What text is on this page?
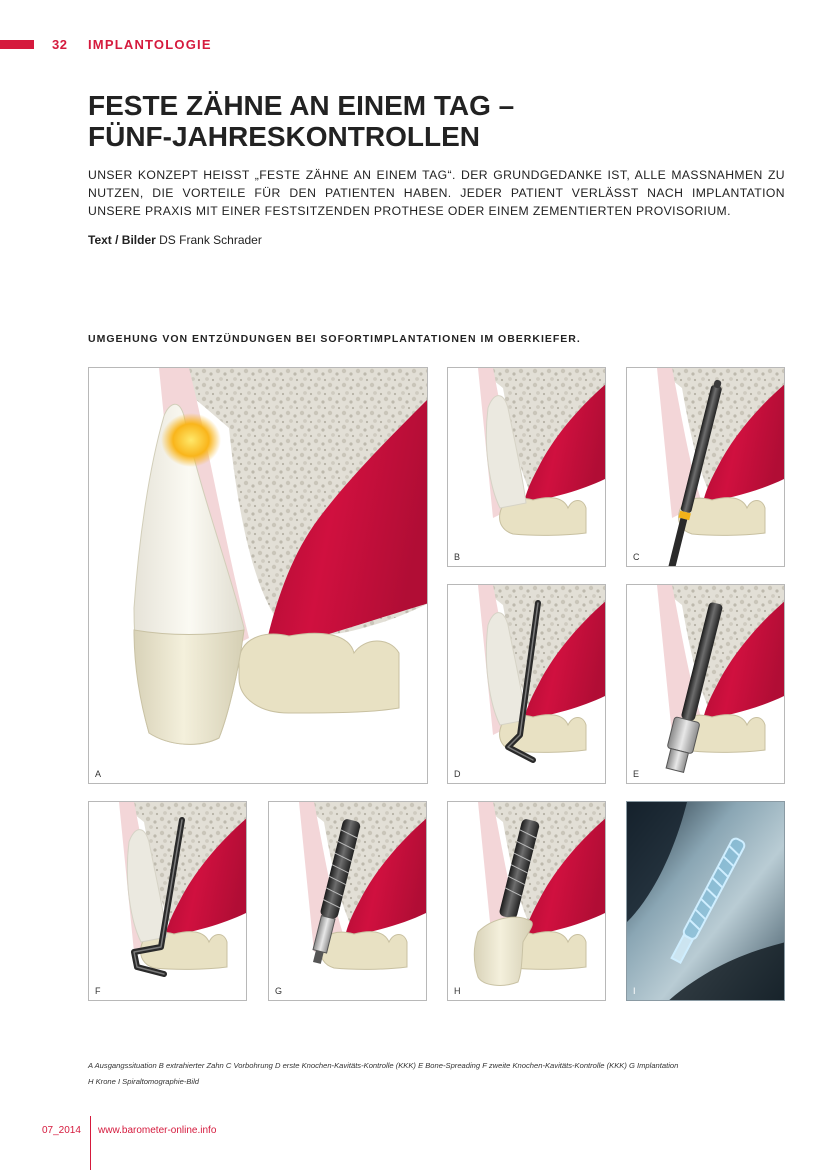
32 IMPLANTOLOGIE
FESTE ZÄHNE AN EINEM TAG –
FÜNF-JAHRESKONTROLLEN
UNSER KONZEPT HEISST „FESTE ZÄHNE AN EINEM TAG“. DER GRUNDGEDANKE IST, ALLE MASSNAHMEN ZU NUTZEN, DIE VORTEILE FÜR DEN PATIENTEN HABEN. JEDER PATIENT VERLÄSST NACH IMPLANTATION UNSERE PRAXIS MIT EINER FESTSITZENDEN PROTHESE ODER EINEM ZEMENTIERTEN PROVISORIUM.
Text / Bilder DS Frank Schrader
UMGEHUNG VON ENTZÜNDUNGEN BEI SOFORTIMPLANTATIONEN IM OBERKIEFER.
A
B	C
D	E
F	G	H	I
A Ausgangssituation B extrahierter Zahn C Vorbohrung D erste Knochen-Kavitäts-Kontrolle (KKK) E Bone-Spreading F zweite Knochen-Kavitäts-Kontrolle (KKK) G Implantation
H Krone I Spiraltomographie-Bild
07_2014 www.barometer-online.info
